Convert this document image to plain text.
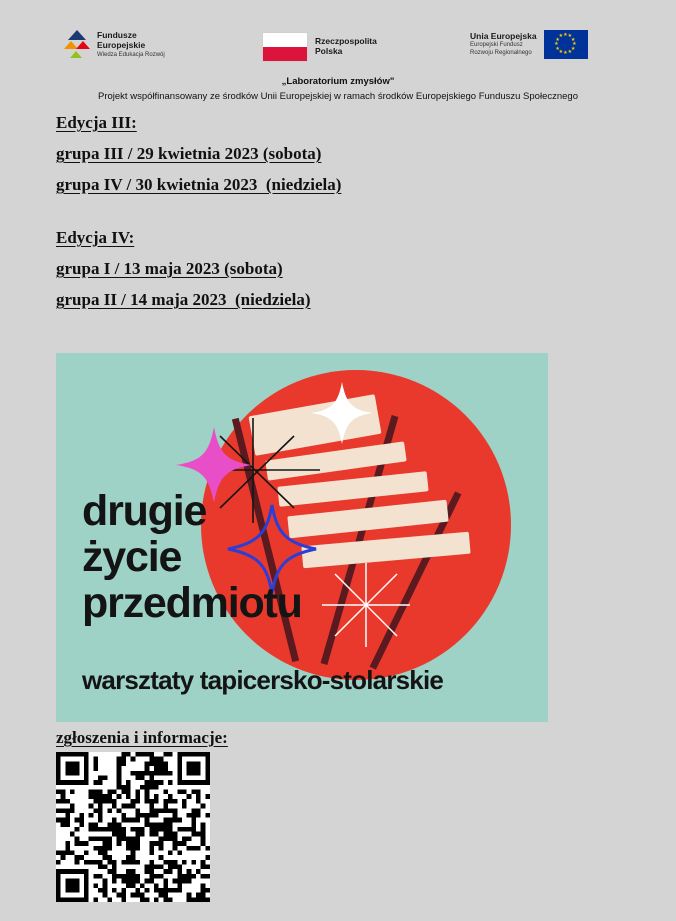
Fundusze
Europejskie
Wiedza Edukacja Rozwój
Rzeczpospolita
Polska
Unia Europejska
Europejski Fundusz
Rozwoju Regionalnego
★ ★
★
★
★
★
★
★
★
★
★
★
„Laboratorium zmysłów"
Projekt współfinansowany ze środków Unii Europejskiej w ramach środków Europejskiego Funduszu Społecznego
Edycja III:
grupa III / 29 kwietnia 2023 (sobota)
grupa IV / 30 kwietnia 2023  (niedziela)
Edycja IV:
grupa I / 13 maja 2023 (sobota)
grupa II / 14 maja 2023  (niedziela)
drugie
życie
przedmiotu
warsztaty tapicersko-stolarskie
zgłoszenia i informacje:
